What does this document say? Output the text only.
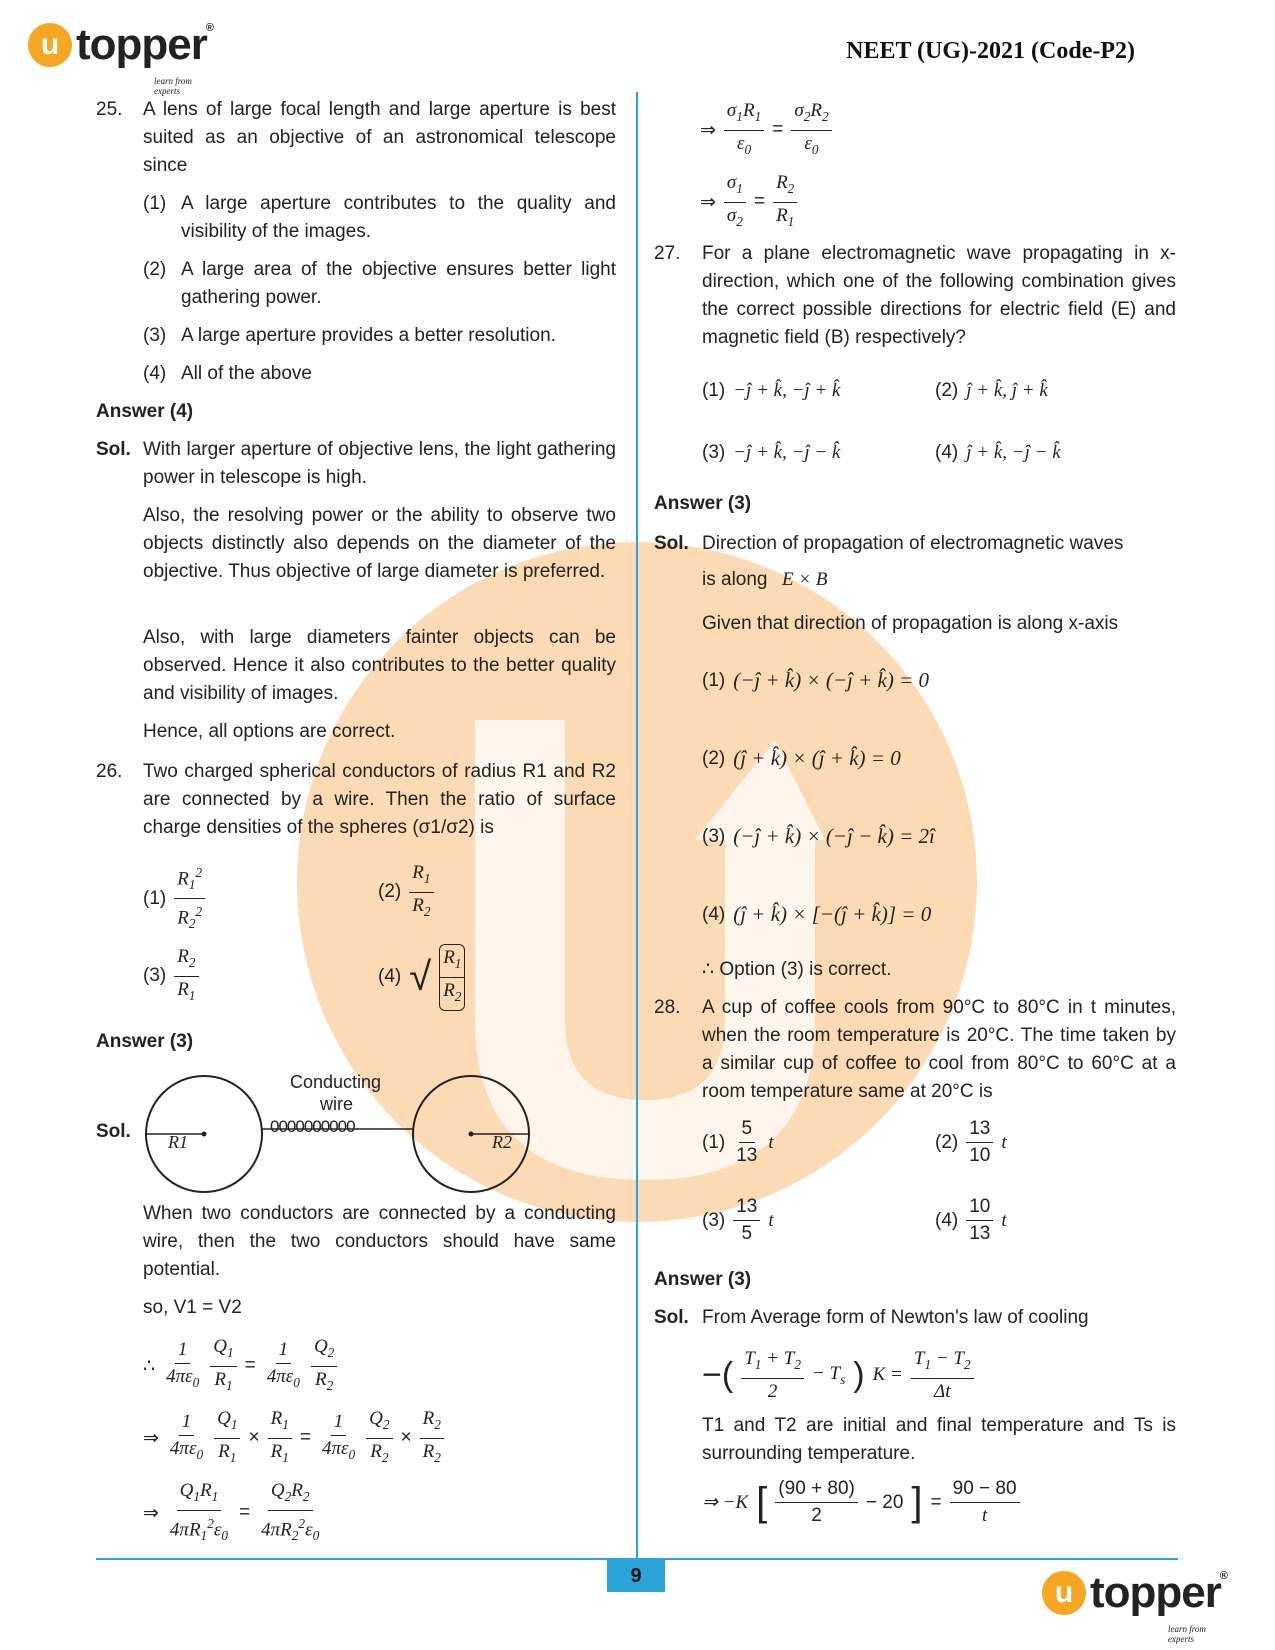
u topper
®
learn from experts
NEET (UG)-2021 (Code-P2)
9
25. A lens of large focal length and large aperture is best suited as an objective of an astronomical telescope since
(1) A large aperture contributes to the quality and visibility of the images.
(2) A large area of the objective ensures better light gathering power.
(3) A large aperture provides a better resolution.
(4) All of the above
Answer (4)
Sol. With larger aperture of objective lens, the light gathering power in telescope is high.
Also, the resolving power or the ability to observe two objects distinctly also depends on the diameter of the objective. Thus objective of large diameter is preferred.
Also, with large diameters fainter objects can be observed. Hence it also contributes to the better quality and visibility of images.
Hence, all options are correct.
26. Two charged spherical conductors of radius R1 and R2 are connected by a wire. Then the ratio of surface charge densities of the spheres (σ1/σ2) is
(1)
$R_1^2$
$R_2^2$
(2)
$R_1$
$R_2$
(3)
$R_2$
$R_1$
(4) √ $R_1$
$R_2$
Answer (3)
Sol. R1	R2
0000000000
Conducting
wire
When two conductors are connected by a conducting wire, then the two conductors should have same potential.
so, V1 = V2
∴
1
$4\pi\varepsilon_0 \frac{Q_1}{R_1} = \frac{1}{4\pi\varepsilon_0} Q_2$
$R_2$
⇒
1
$4\pi\varepsilon_0 \frac{Q_1}{R_1} \times \frac{R_1}{R_1} = \frac{1}{4\pi\varepsilon_0} \frac{Q_2}{R_2} \times \frac{R_2}{R_2}$
⇒ $\frac{Q_1R_1}{4\pi R_1^2\varepsilon_0} = \frac{Q_2R_2}{4\pi R_2^2\varepsilon_0}$
⇒ $\frac{\sigma_1R_1}{\varepsilon_0} = \frac{\sigma_2R_2}{\varepsilon_0}$
⇒ $\frac{\sigma_1}{\sigma_2} = \frac{R_2}{R_1}$
27. For a plane electromagnetic wave propagating in x-direction, which one of the following combination gives the correct possible directions for electric field (E) and magnetic field (B) respectively?
(1) −ĵ + k̂, −ĵ + k̂	(2) ĵ + k̂, ĵ + k̂
(3) −ĵ + k̂, −ĵ − k̂	(4) ĵ + k̂, −ĵ − k̂
Answer (3)
Sol. Direction of propagation of electromagnetic waves
is along E × B
Given that direction of propagation is along x-axis
(1) (−ĵ + k̂) × (−ĵ + k̂) = 0
(2) (ĵ + k̂) × (ĵ + k̂) = 0
(3) (−ĵ + k̂) × (−ĵ − k̂) = 2î
(4) (ĵ + k̂) × [−(ĵ + k̂)] = 0
∴ Option (3) is correct.
28. A cup of coffee cools from 90°C to 80°C in t minutes, when the room temperature is 20°C. The time taken by a similar cup of coffee to cool from 80°C to 60°C at a room temperature same at 20°C is
(1)
5
13
t	(2)
13
10
t
(3)
13
5
t	(4)
10
13
t
Answer (3)
Sol. From Average form of Newton's law of cooling
−( $T_1 + T_2$
2
− $T_s$ ) $K = \frac{T_1 - T_2}{\Delta t}$
T1 and T2 are initial and final temperature and Ts is surrounding temperature.
⇒ −K [ (90 + 80)
2
− 20 ] = $\frac{90 - 80}{t}$
u topper
®
learn from experts
